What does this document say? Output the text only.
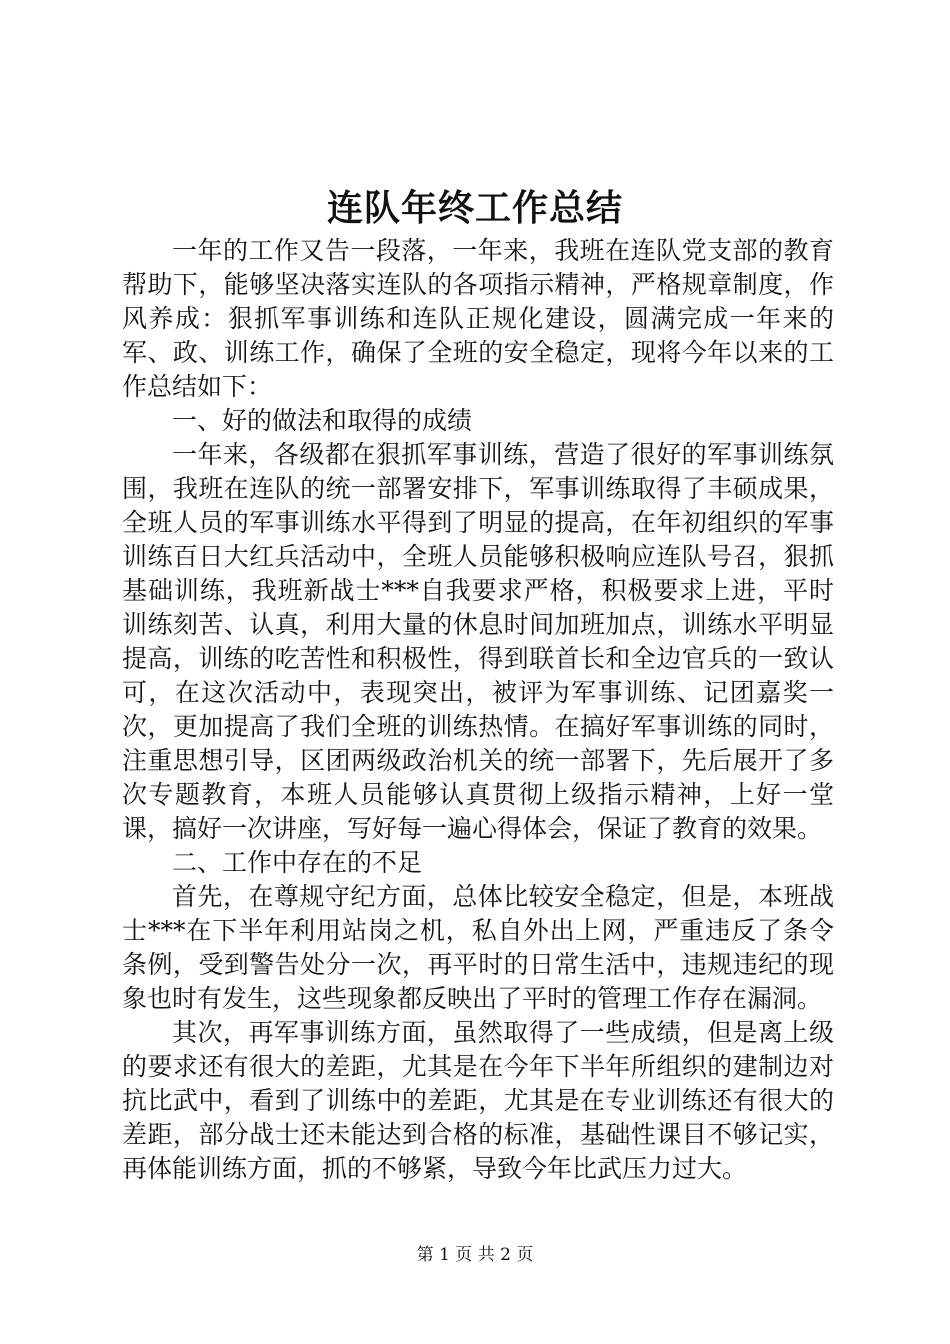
连队年终工作总结

一年的工作又告一段落，一年来，我班在连队党支部的教育帮助下，能够坚决落实连队的各项指示精神，严格规章制度，作风养成：狠抓军事训练和连队正规化建设，圆满完成一年来的军、政、训练工作，确保了全班的安全稳定，现将今年以来的工作总结如下：

一、好的做法和取得的成绩

一年来，各级都在狠抓军事训练，营造了很好的军事训练氛围，我班在连队的统一部署安排下，军事训练取得了丰硕成果，全班人员的军事训练水平得到了明显的提高，在年初组织的军事训练百日大红兵活动中，全班人员能够积极响应连队号召，狠抓基础训练，我班新战士***自我要求严格，积极要求上进，平时训练刻苦、认真，利用大量的休息时间加班加点，训练水平明显提高，训练的吃苦性和积极性，得到联首长和全边官兵的一致认可，在这次活动中，表现突出，被评为军事训练、记团嘉奖一次，更加提高了我们全班的训练热情。在搞好军事训练的同时，注重思想引导，区团两级政治机关的统一部署下，先后展开了多次专题教育，本班人员能够认真贯彻上级指示精神，上好一堂课，搞好一次讲座，写好每一遍心得体会，保证了教育的效果。

二、工作中存在的不足

首先，在尊规守纪方面，总体比较安全稳定，但是，本班战士***在下半年利用站岗之机，私自外出上网，严重违反了条令条例，受到警告处分一次，再平时的日常生活中，违规违纪的现象也时有发生，这些现象都反映出了平时的管理工作存在漏洞。

其次，再军事训练方面，虽然取得了一些成绩，但是离上级的要求还有很大的差距，尤其是在今年下半年所组织的建制边对抗比武中，看到了训练中的差距，尤其是在专业训练还有很大的差距，部分战士还未能达到合格的标准，基础性课目不够记实，再体能训练方面，抓的不够紧，导致今年比武压力过大。

第 1 页 共 2 页
